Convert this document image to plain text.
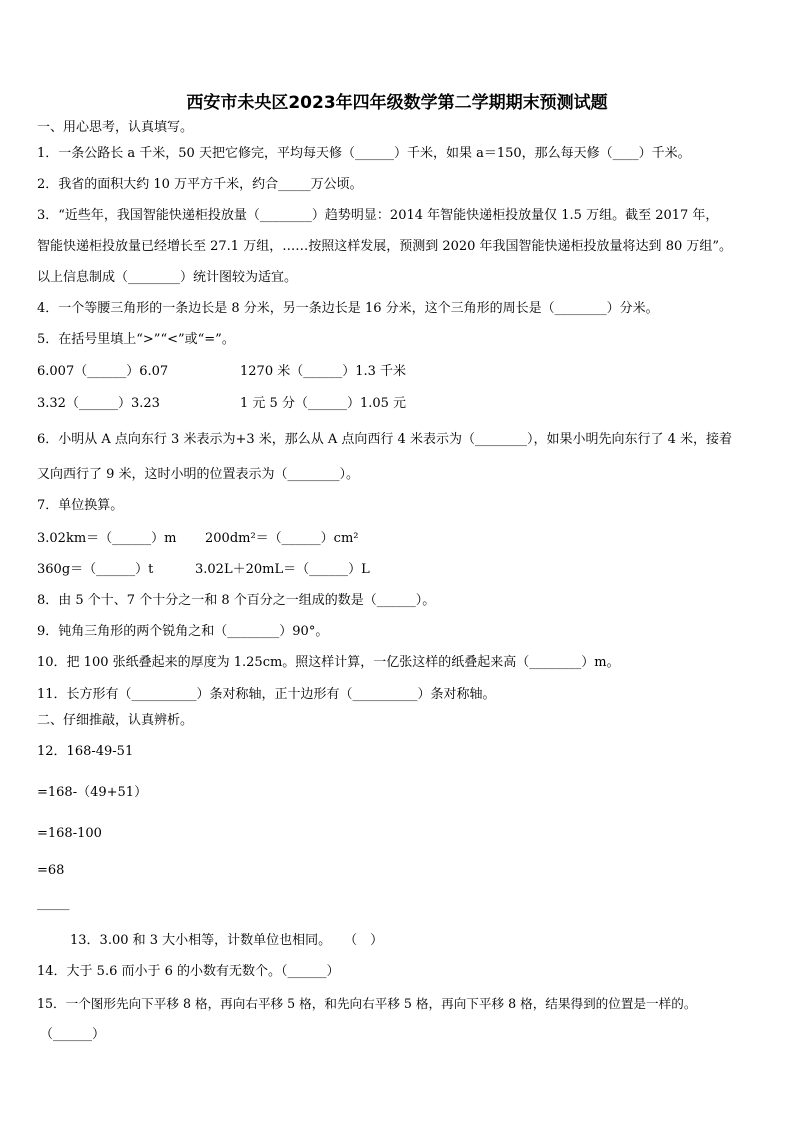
西安市未央区2023年四年级数学第二学期期末预测试题
一、用心思考，认真填写。
1．一条公路长 a 千米，50 天把它修完，平均每天修（______）千米，如果 a＝150，那么每天修（____）千米。
2．我省的面积大约 10 万平方千米，约合_____万公顷。
3．“近些年，我国智能快递柜投放量（________）趋势明显：2014 年智能快递柜投放量仅 1.5 万组。截至 2017 年，
智能快递柜投放量已经增长至 27.1 万组，……按照这样发展，预测到 2020 年我国智能快递柜投放量将达到 80 万组”。
以上信息制成（________）统计图较为适宜。
4．一个等腰三角形的一条边长是 8 分米，另一条边长是 16 分米，这个三角形的周长是（________）分米。
5．在括号里填上“>”“<”或“=”。
6.007（______）6.07	1270 米（______）1.3 千米
3.32（______）3.23	1 元 5 分（______）1.05 元
6．小明从 A 点向东行 3 米表示为+3 米，那么从 A 点向西行 4 米表示为（________），如果小明先向东行了 4 米，接着
又向西行了 9 米，这时小明的位置表示为（________）。
7．单位换算。
3.02km＝（______）m 200dm²＝（______）cm²
360g＝（______）t	3.02L＋20mL＝（______）L
8．由 5 个十、7 个十分之一和 8 个百分之一组成的数是（______）。
9．钝角三角形的两个锐角之和（________）90°。
10．把 100 张纸叠起来的厚度为 1.25cm。照这样计算，一亿张这样的纸叠起来高（________）m。
11．长方形有（__________）条对称轴，正十边形有（__________）条对称轴。
二、仔细推敲，认真辨析。
12．168-49-51
=168-（49+51）
=168-100
=68
_____
13．3.00 和 3 大小相等，计数单位也相同。　　（　）
14．大于 5.6 而小于 6 的小数有无数个。（______）
15．一个图形先向下平移 8 格，再向右平移 5 格，和先向右平移 5 格，再向下平移 8 格，结果得到的位置是一样的。
（______）
